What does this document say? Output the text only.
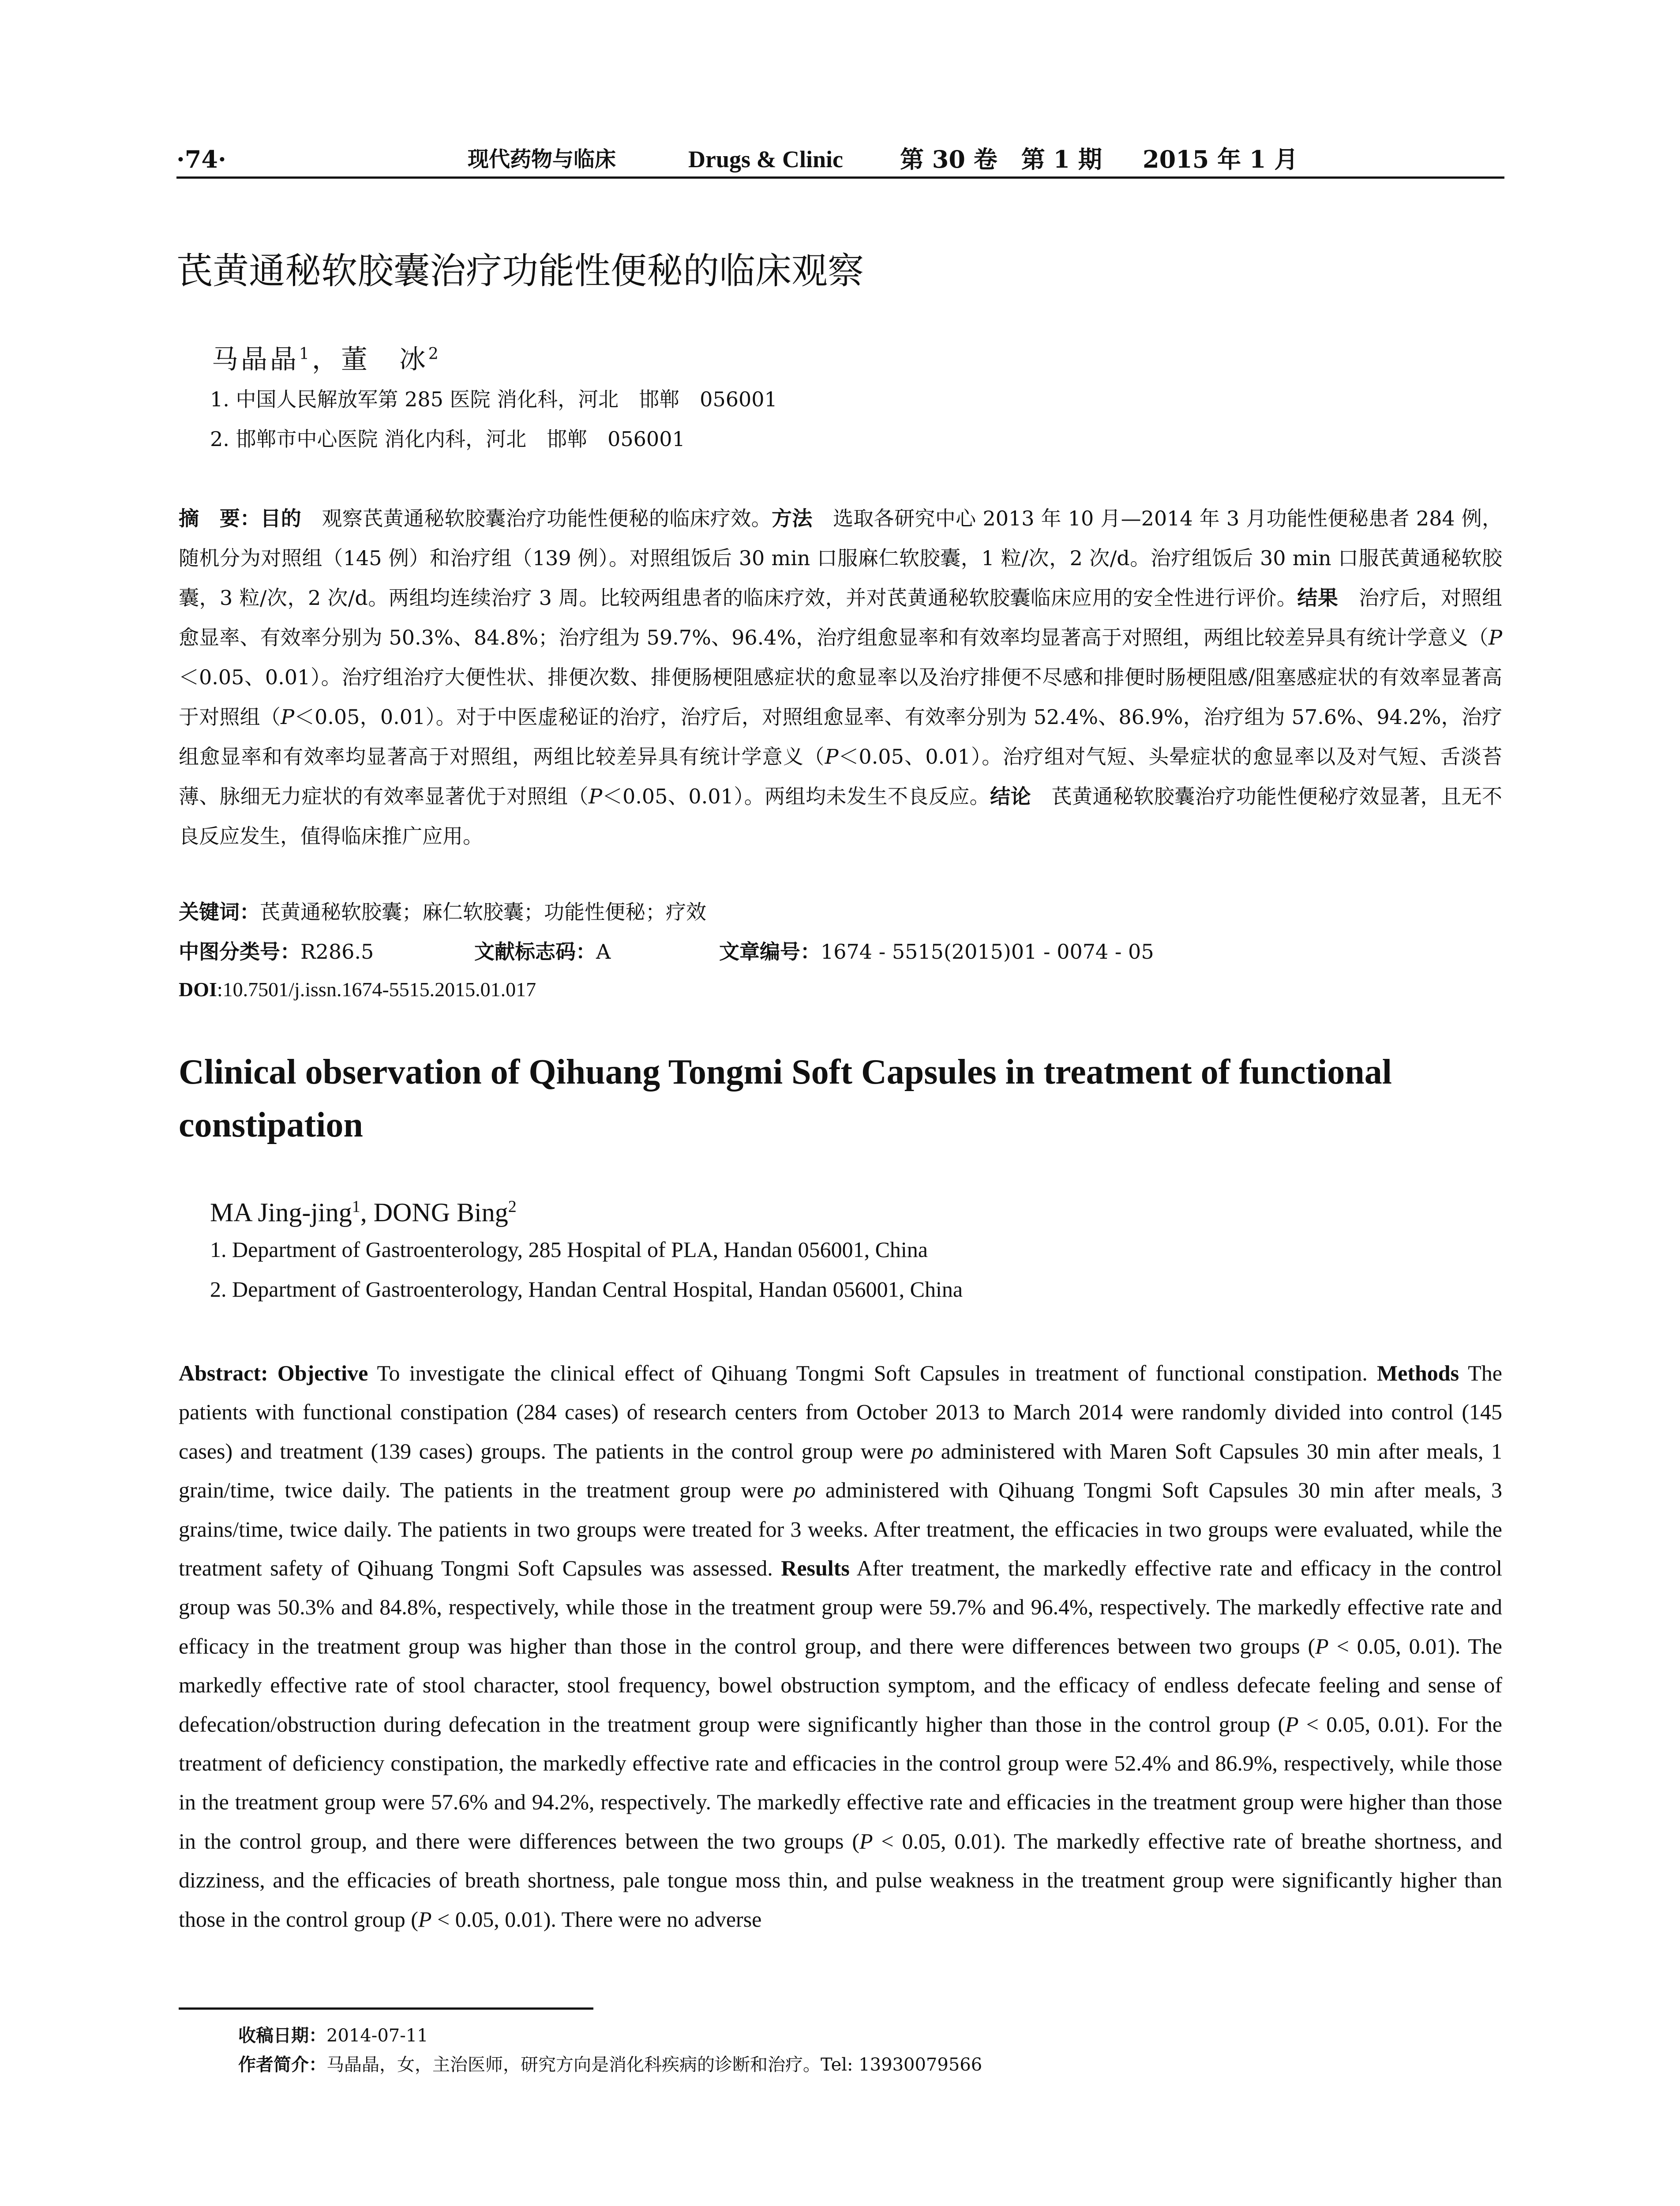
·74·	现代药物与临床	Drugs & Clinic 第 30 卷　第 1 期 2015 年 1 月
芪黄通秘软胶囊治疗功能性便秘的临床观察
马晶晶$^1$，董　冰$^2$
1. 中国人民解放军第 285 医院 消化科，河北　邯郸　056001
2. 邯郸市中心医院 消化内科，河北　邯郸　056001
摘　要：目的　观察芪黄通秘软胶囊治疗功能性便秘的临床疗效。方法　选取各研究中心 2013 年 10 月—2014 年 3 月功能性便秘患者 284 例，随机分为对照组（145 例）和治疗组（139 例）。对照组饭后 30 min 口服麻仁软胶囊，1 粒/次，2 次/d。治疗组饭后 30 min 口服芪黄通秘软胶囊，3 粒/次，2 次/d。两组均连续治疗 3 周。比较两组患者的临床疗效，并对芪黄通秘软胶囊临床应用的安全性进行评价。结果　治疗后，对照组愈显率、有效率分别为 50.3%、84.8%；治疗组为 59.7%、96.4%，治疗组愈显率和有效率均显著高于对照组，两组比较差异具有统计学意义（P＜0.05、0.01）。治疗组治疗大便性状、排便次数、排便肠梗阻感症状的愈显率以及治疗排便不尽感和排便时肠梗阻感/阻塞感症状的有效率显著高于对照组（P＜0.05，0.01）。对于中医虚秘证的治疗，治疗后，对照组愈显率、有效率分别为 52.4%、86.9%，治疗组为 57.6%、94.2%，治疗组愈显率和有效率均显著高于对照组，两组比较差异具有统计学意义（P＜0.05、0.01）。治疗组对气短、头晕症状的愈显率以及对气短、舌淡苔薄、脉细无力症状的有效率显著优于对照组（P＜0.05、0.01）。两组均未发生不良反应。结论　芪黄通秘软胶囊治疗功能性便秘疗效显著，且无不良反应发生，值得临床推广应用。
关键词：芪黄通秘软胶囊；麻仁软胶囊；功能性便秘；疗效
中图分类号：R286.5	文献标志码：A	文章编号：1674 - 5515(2015)01 - 0074 - 05
DOI:10.7501/j.issn.1674-5515.2015.01.017
Clinical observation of Qihuang Tongmi Soft Capsules in treatment of functional constipation
MA Jing-jing$^1$, DONG Bing$^2$
1. Department of Gastroenterology, 285 Hospital of PLA, Handan 056001, China
2. Department of Gastroenterology, Handan Central Hospital, Handan 056001, China
Abstract: Objective To investigate the clinical effect of Qihuang Tongmi Soft Capsules in treatment of functional constipation. Methods The patients with functional constipation (284 cases) of research centers from October 2013 to March 2014 were randomly divided into control (145 cases) and treatment (139 cases) groups. The patients in the control group were po administered with Maren Soft Capsules 30 min after meals, 1 grain/time, twice daily. The patients in the treatment group were po administered with Qihuang Tongmi Soft Capsules 30 min after meals, 3 grains/time, twice daily. The patients in two groups were treated for 3 weeks. After treatment, the efficacies in two groups were evaluated, while the treatment safety of Qihuang Tongmi Soft Capsules was assessed. Results After treatment, the markedly effective rate and efficacy in the control group was 50.3% and 84.8%, respectively, while those in the treatment group were 59.7% and 96.4%, respectively. The markedly effective rate and efficacy in the treatment group was higher than those in the control group, and there were differences between two groups (P < 0.05, 0.01). The markedly effective rate of stool character, stool frequency, bowel obstruction symptom, and the efficacy of endless defecate feeling and sense of defecation/obstruction during defecation in the treatment group were significantly higher than those in the control group (P < 0.05, 0.01). For the treatment of deficiency constipation, the markedly effective rate and efficacies in the control group were 52.4% and 86.9%, respectively, while those in the treatment group were 57.6% and 94.2%, respectively. The markedly effective rate and efficacies in the treatment group were higher than those in the control group, and there were differences between the two groups (P < 0.05, 0.01). The markedly effective rate of breathe shortness, and dizziness, and the efficacies of breath shortness, pale tongue moss thin, and pulse weakness in the treatment group were significantly higher than those in the control group (P < 0.05, 0.01). There were no adverse
收稿日期：2014-07-11
作者简介：马晶晶，女，主治医师，研究方向是消化科疾病的诊断和治疗。Tel: 13930079566
